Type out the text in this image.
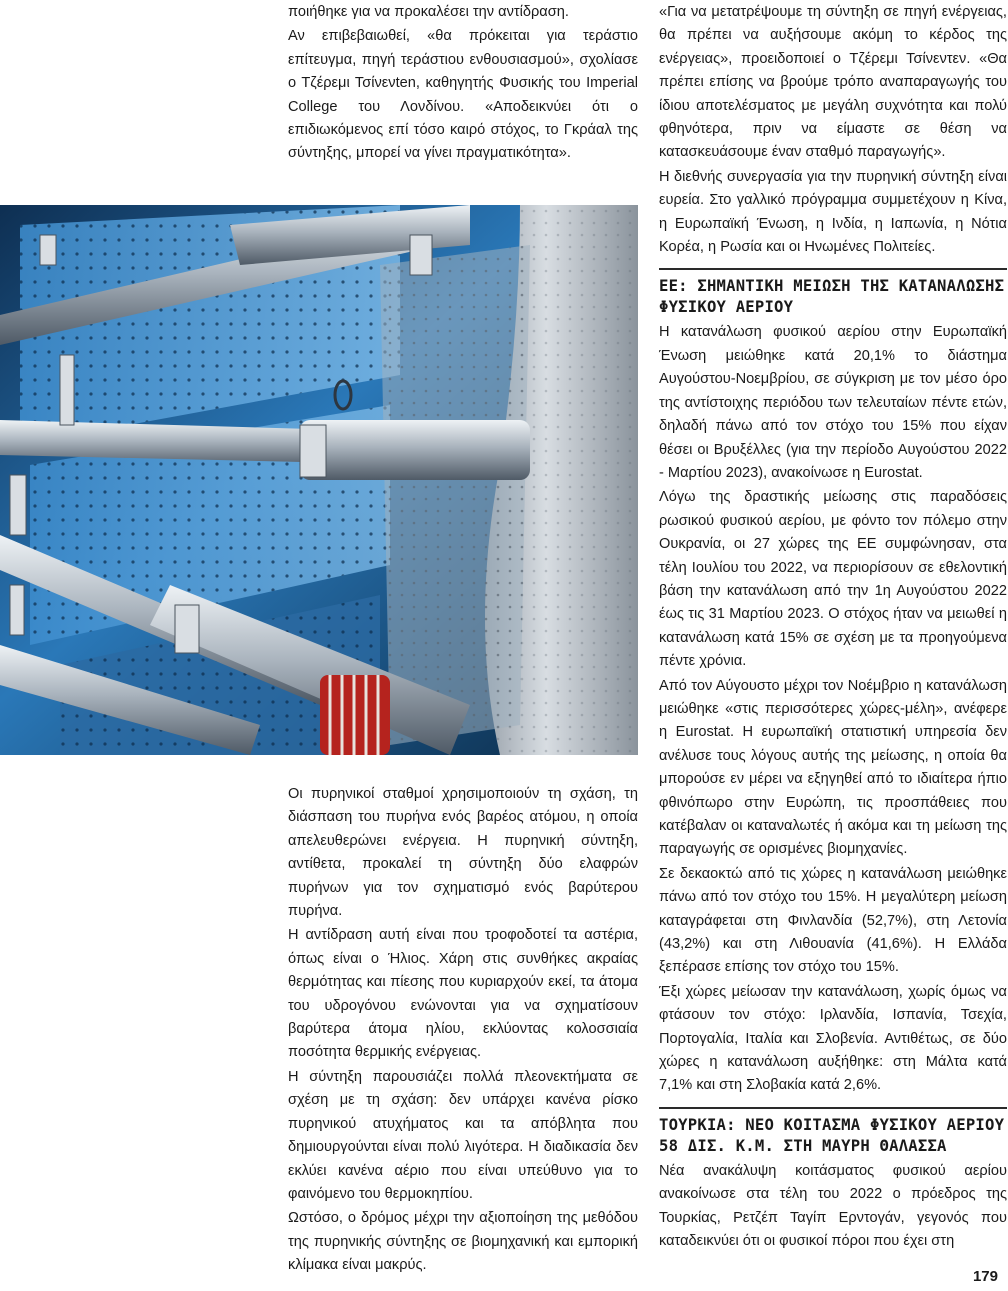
ποιήθηκε για να προκαλέσει την αντίδραση.

Αν επιβεβαιωθεί, «θα πρόκειται για τεράστιο επίτευγμα, πηγή τεράστιου ενθουσιασμού», σχολίασε ο Τζέρεμι Τσίνενten, καθηγητής Φυσικής του Imperial College του Λονδίνου. «Αποδεικνύει ότι ο επιδιωκόμενος επί τόσο καιρό στόχος, το Γκράαλ της σύντηξης, μπορεί να γίνει πραγματικότητα».

Οι πυρηνικοί σταθμοί χρησιμοποιούν τη σχάση, τη διάσπαση του πυρήνα ενός βαρέος ατόμου, η οποία απελευθερώνει ενέργεια. Η πυρηνική σύντηξη, αντίθετα, προκαλεί τη σύντηξη δύο ελαφρών πυρήνων για τον σχηματισμό ενός βαρύτερου πυρήνα.

Η αντίδραση αυτή είναι που τροφοδοτεί τα αστέρια, όπως είναι ο Ήλιος. Χάρη στις συνθήκες ακραίας θερμότητας και πίεσης που κυριαρχούν εκεί, τα άτομα του υδρογόνου ενώνονται για να σχηματίσουν βαρύτερα άτομα ηλίου, εκλύοντας κολοσσιαία ποσότητα θερμικής ενέργειας.

Η σύντηξη παρουσιάζει πολλά πλεονεκτήματα σε σχέση με τη σχάση: δεν υπάρχει κανένα ρίσκο πυρηνικού ατυχήματος και τα απόβλητα που δημιουργούνται είναι πολύ λιγότερα. Η διαδικασία δεν εκλύει κανένα αέριο που είναι υπεύθυνο για το φαινόμενο του θερμοκηπίου.

Ωστόσο, ο δρόμος μέχρι την αξιοποίηση της μεθόδου της πυρηνικής σύντηξης σε βιομηχανική και εμπορική κλίμακα είναι μακρύς.

«Για να μετατρέψουμε τη σύντηξη σε πηγή ενέργειας, θα πρέπει να αυξήσουμε ακόμη το κέρδος της ενέργειας», προειδοποιεί ο Τζέρεμι Τσίνεντεν. «Θα πρέπει επίσης να βρούμε τρόπο αναπαραγωγής του ίδιου αποτελέσματος με μεγάλη συχνότητα και πολύ φθηνότερα, πριν να είμαστε σε θέση να κατασκευάσουμε έναν σταθμό παραγωγής».

Η διεθνής συνεργασία για την πυρηνική σύντηξη είναι ευρεία. Στο γαλλικό πρόγραμμα συμμετέχουν η Κίνα, η Ευρωπαϊκή Ένωση, η Ινδία, η Ιαπωνία, η Νότια Κορέα, η Ρωσία και οι Ηνωμένες Πολιτείες.

ΕΕ: ΣΗΜΑΝΤΙΚΗ ΜΕΙΩΣΗ ΤΗΣ ΚΑΤΑΝΑΛΩΣΗΣ ΦΥΣΙΚΟΥ ΑΕΡΙΟΥ

Η κατανάλωση φυσικού αερίου στην Ευρωπαϊκή Ένωση μειώθηκε κατά 20,1% το διάστημα Αυγούστου-Νοεμβρίου, σε σύγκριση με τον μέσο όρο της αντίστοιχης περιόδου των τελευταίων πέντε ετών, δηλαδή πάνω από τον στόχο του 15% που είχαν θέσει οι Βρυξέλλες (για την περίοδο Αυγούστου 2022 - Μαρτίου 2023), ανακοίνωσε η Eurostat.

Λόγω της δραστικής μείωσης στις παραδόσεις ρωσικού φυσικού αερίου, με φόντο τον πόλεμο στην Ουκρανία, οι 27 χώρες της ΕΕ συμφώνησαν, στα τέλη Ιουλίου του 2022, να περιορίσουν σε εθελοντική βάση την κατανάλωση από την 1η Αυγούστου 2022 έως τις 31 Μαρτίου 2023. Ο στόχος ήταν να μειωθεί η κατανάλωση κατά 15% σε σχέση με τα προηγούμενα πέντε χρόνια.

Από τον Αύγουστο μέχρι τον Νοέμβριο η κατανάλωση μειώθηκε «στις περισσότερες χώρες-μέλη», ανέφερε η Eurostat. Η ευρωπαϊκή στατιστική υπηρεσία δεν ανέλυσε τους λόγους αυτής της μείωσης, η οποία θα μπορούσε εν μέρει να εξηγηθεί από το ιδιαίτερα ήπιο φθινόπωρο στην Ευρώπη, τις προσπάθειες που κατέβαλαν οι καταναλωτές ή ακόμα και τη μείωση της παραγωγής σε ορισμένες βιομηχανίες.

Σε δεκαοκτώ από τις χώρες η κατανάλωση μειώθηκε πάνω από τον στόχο του 15%. Η μεγαλύτερη μείωση καταγράφεται στη Φινλανδία (52,7%), στη Λετονία (43,2%) και στη Λιθουανία (41,6%). Η Ελλάδα ξεπέρασε επίσης τον στόχο του 15%.

Έξι χώρες μείωσαν την κατανάλωση, χωρίς όμως να φτάσουν τον στόχο: Ιρλανδία, Ισπανία, Τσεχία, Πορτογαλία, Ιταλία και Σλοβενία. Αντιθέτως, σε δύο χώρες η κατανάλωση αυξήθηκε: στη Μάλτα κατά 7,1% και στη Σλοβακία κατά 2,6%.

ΤΟΥΡΚΙΑ: ΝΕΟ ΚΟΙΤΑΣΜΑ ΦΥΣΙΚΟΥ ΑΕΡΙΟΥ 58 ΔΙΣ. Κ.Μ. ΣΤΗ ΜΑΥΡΗ ΘΑΛΑΣΣΑ

Νέα ανακάλυψη κοιτάσματος φυσικού αερίου ανακοίνωσε στα τέλη του 2022 ο πρόεδρος της Τουρκίας, Ρετζέπ Ταγίπ Ερντογάν, γεγονός που καταδεικνύει ότι οι φυσικοί πόροι που έχει στη

179
